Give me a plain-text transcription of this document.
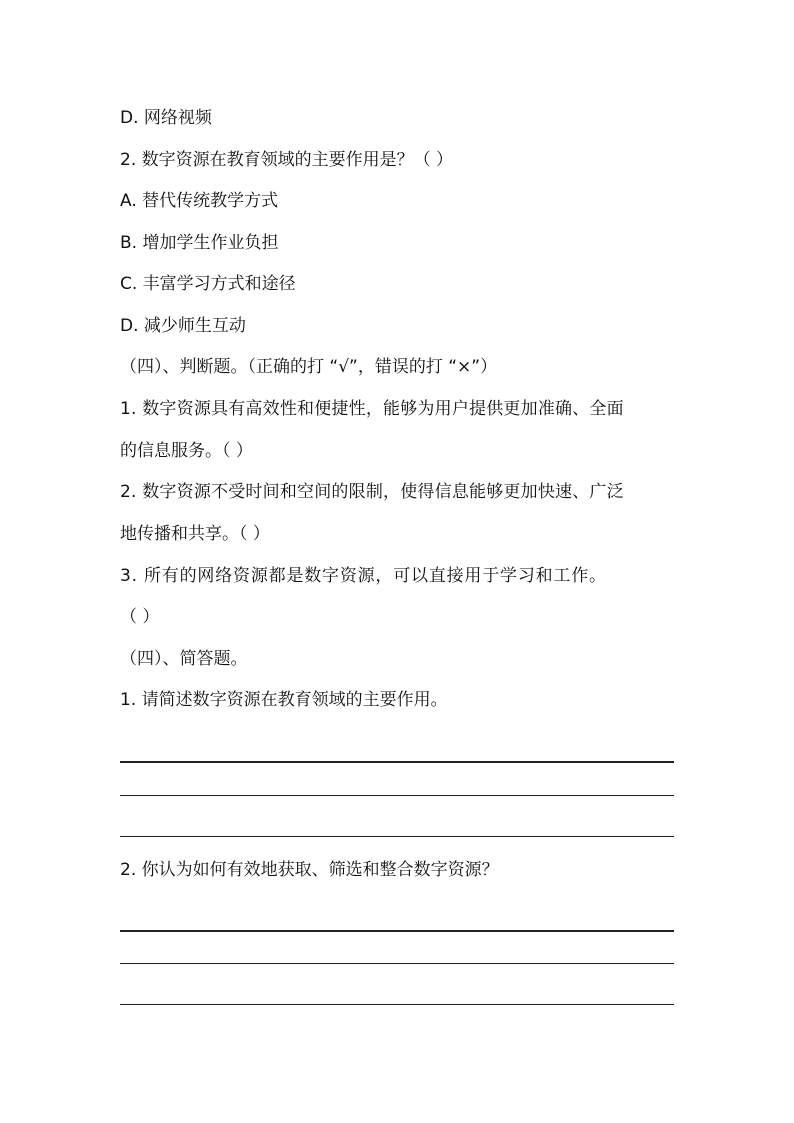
D. 网络视频
2. 数字资源在教育领域的主要作用是？（ ）
A. 替代传统教学方式
B. 增加学生作业负担
C. 丰富学习方式和途径
D. 减少师生互动
（四）、判断题。（正确的打 “√”，错误的打 “×”）
1. 数字资源具有高效性和便捷性，能够为用户提供更加准确、全面
的信息服务。（ ）
2. 数字资源不受时间和空间的限制，使得信息能够更加快速、广泛
地传播和共享。（ ）
3. 所有的网络资源都是数字资源，可以直接用于学习和工作。
（ ）
（四）、简答题。
1. 请简述数字资源在教育领域的主要作用。
2. 你认为如何有效地获取、筛选和整合数字资源？
